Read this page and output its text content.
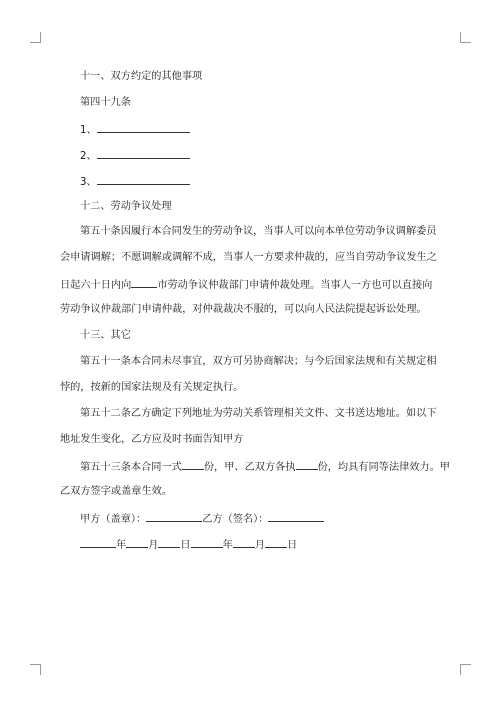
十一、双方约定的其他事项
第四十九条
1、
2、
3、
十二、劳动争议处理
第五十条因履行本合同发生的劳动争议，当事人可以向本单位劳动争议调解委员
会申请调解；不愿调解或调解不成，当事人一方要求仲裁的，应当自劳动争议发生之
日起六十日内向	市劳动争议仲裁部门申请仲裁处理。当事人一方也可以直接向
劳动争议仲裁部门申请仲裁，对仲裁裁决不服的，可以向人民法院提起诉讼处理。
十三、其它
第五十一条本合同未尽事宜，双方可另协商解决；与今后国家法规和有关规定相
悖的，按新的国家法规及有关规定执行。
第五十二条乙方确定下列地址为劳动关系管理相关文件、文书送达地址。如以下
地址发生变化，乙方应及时书面告知甲方
第五十三条本合同一式 份，甲、乙双方各执 份，均具有同等法律效力。甲
乙双方签字或盖章生效。
甲方（盖章）：	乙方（签名）：
年 月 日	年 月 日
